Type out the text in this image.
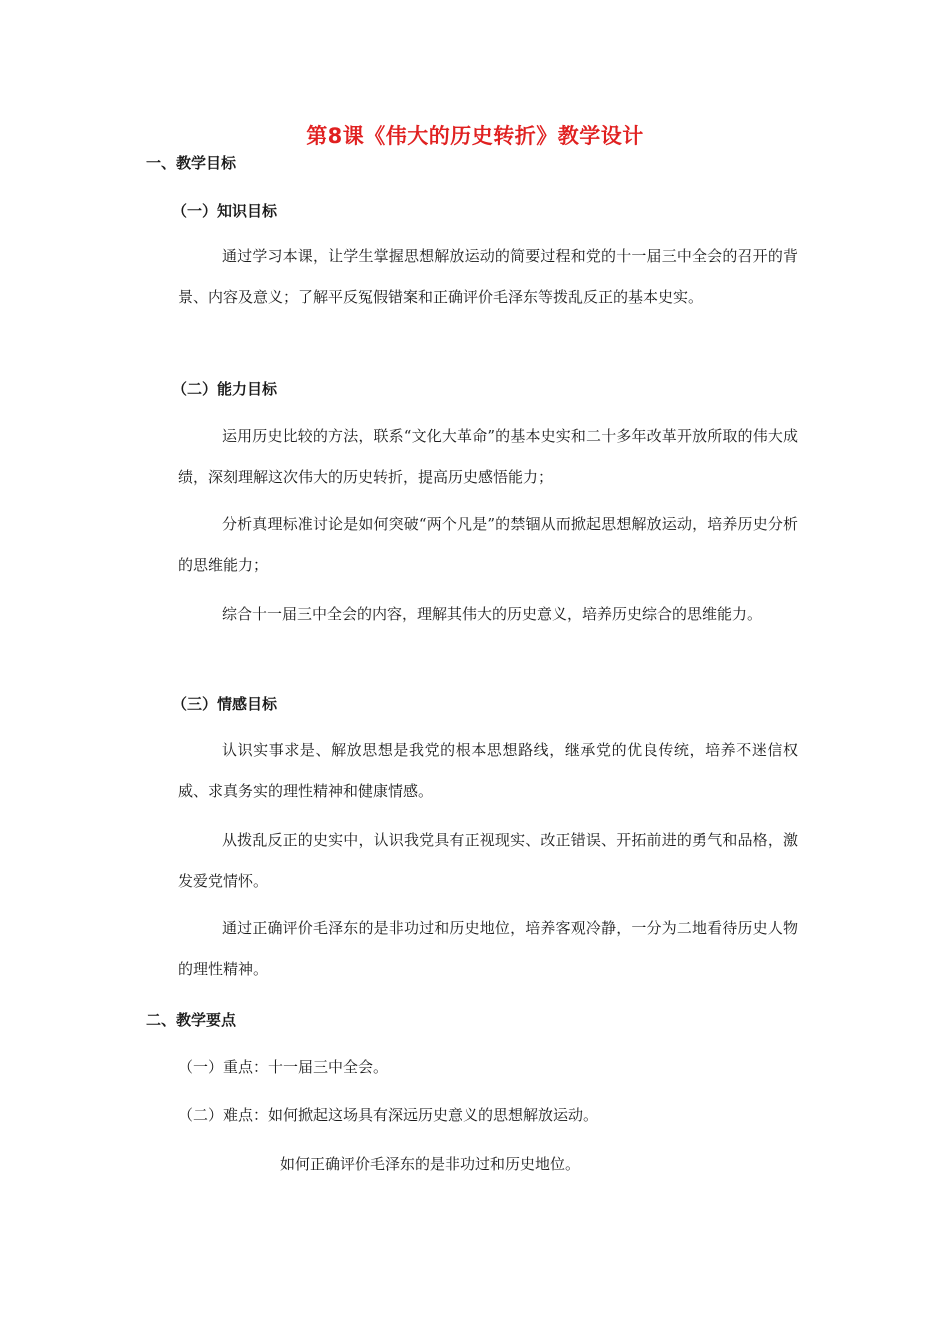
第8课《伟大的历史转折》教学设计
一、教学目标
（一）知识目标
通过学习本课，让学生掌握思想解放运动的简要过程和党的十一届三中全会的召开的背景、内容及意义；了解平反冤假错案和正确评价毛泽东等拨乱反正的基本史实。
（二）能力目标
运用历史比较的方法，联系“文化大革命”的基本史实和二十多年改革开放所取的伟大成绩，深刻理解这次伟大的历史转折，提高历史感悟能力；
分析真理标准讨论是如何突破“两个凡是”的禁锢从而掀起思想解放运动，培养历史分析的思维能力；
综合十一届三中全会的内容，理解其伟大的历史意义，培养历史综合的思维能力。
（三）情感目标
认识实事求是、解放思想是我党的根本思想路线，继承党的优良传统，培养不迷信权威、求真务实的理性精神和健康情感。
从拨乱反正的史实中，认识我党具有正视现实、改正错误、开拓前进的勇气和品格，激发爱党情怀。
通过正确评价毛泽东的是非功过和历史地位，培养客观冷静，一分为二地看待历史人物的理性精神。
二、教学要点
（一）重点：十一届三中全会。
（二）难点：如何掀起这场具有深远历史意义的思想解放运动。
如何正确评价毛泽东的是非功过和历史地位。
